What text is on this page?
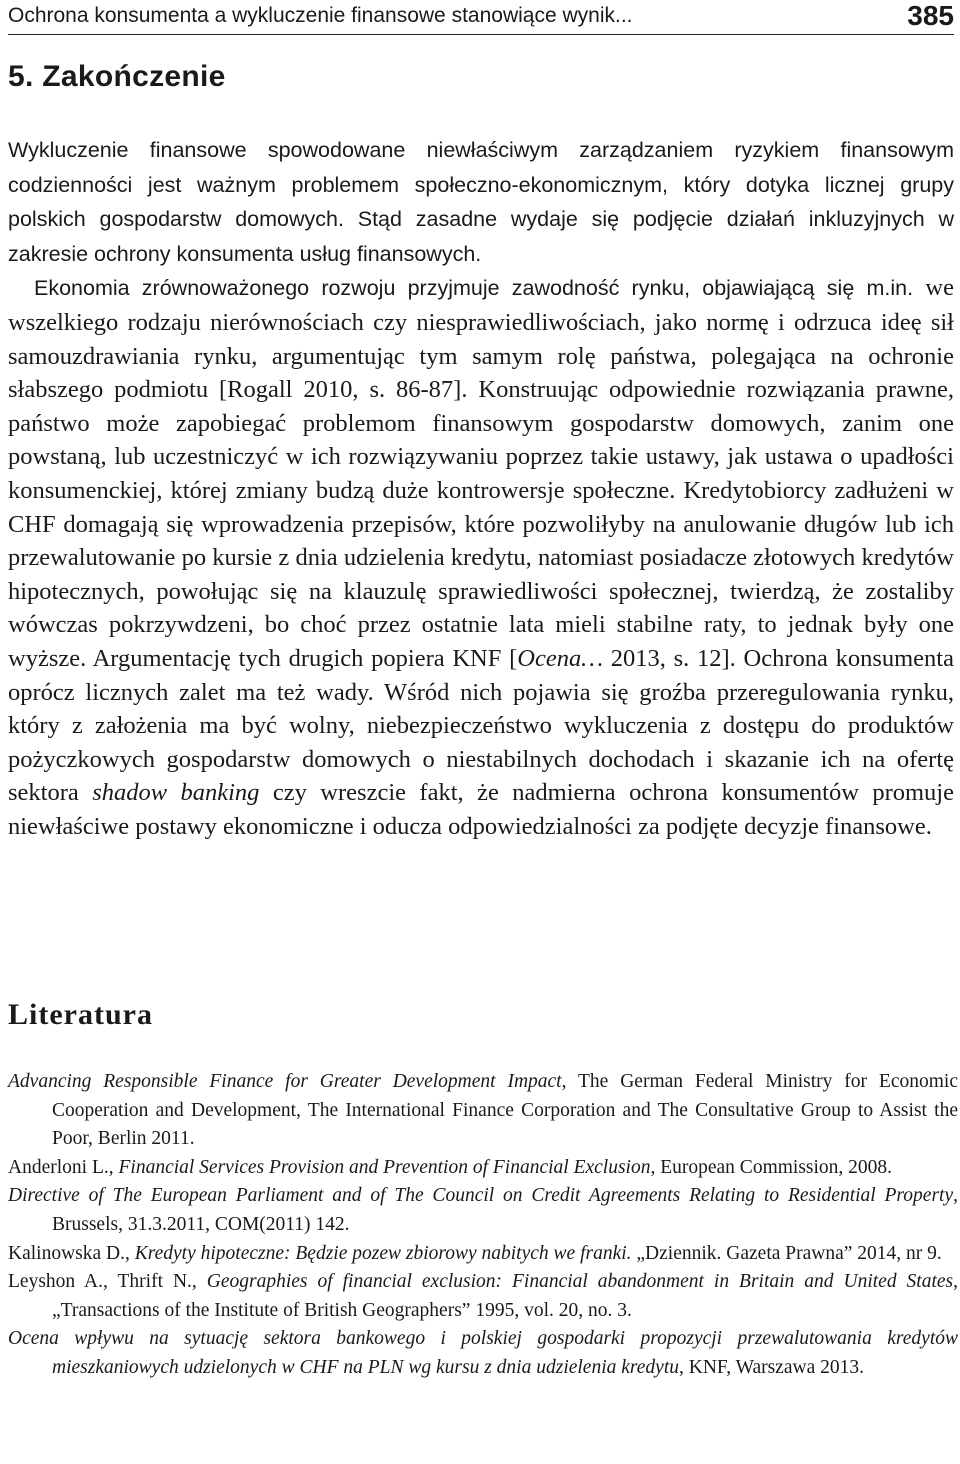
Ochrona konsumenta a wykluczenie finansowe stanowiące wynik...	385
5. Zakończenie

Wykluczenie finansowe spowodowane niewłaściwym zarządzaniem ryzykiem finansowym codzienności jest ważnym problemem społeczno-ekonomicznym, który dotyka licznej grupy polskich gospodarstw domowych. Stąd zasadne wydaje się podjęcie działań inkluzyjnych w zakresie ochrony konsumenta usług finansowych.

Ekonomia zrównoważonego rozwoju przyjmuje zawodność rynku, objawiającą się m.in. we wszelkiego rodzaju nierównościach czy niesprawiedliwościach, jako normę i odrzuca ideę sił samouzdrawiania rynku, argumentując tym samym rolę państwa, polegająca na ochronie słabszego podmiotu [Rogall 2010, s. 86-87]. Konstruując odpowiednie rozwiązania prawne, państwo może zapobiegać problemom finansowym gospodarstw domowych, zanim one powstaną, lub uczestniczyć w ich rozwiązywaniu poprzez takie ustawy, jak ustawa o upadłości konsumenckiej, której zmiany budzą duże kontrowersje społeczne. Kredytobiorcy zadłużeni w CHF domagają się wprowadzenia przepisów, które pozwoliłyby na anulowanie długów lub ich przewalutowanie po kursie z dnia udzielenia kredytu, natomiast posiadacze złotowych kredytów hipotecznych, powołując się na klauzulę sprawiedliwości społecznej, twierdzą, że zostaliby wówczas pokrzywdzeni, bo choć przez ostatnie lata mieli stabilne raty, to jednak były one wyższe. Argumentację tych drugich popiera KNF [Ocena… 2013, s. 12]. Ochrona konsumenta oprócz licznych zalet ma też wady. Wśród nich pojawia się groźba przeregulowania rynku, który z założenia ma być wolny, niebezpieczeństwo wykluczenia z dostępu do produktów pożyczkowych gospodarstw domowych o niestabilnych dochodach i skazanie ich na ofertę sektora shadow banking czy wreszcie fakt, że nadmierna ochrona konsumentów promuje niewłaściwe postawy ekonomiczne i oducza odpowiedzialności za podjęte decyzje finansowe.

Literatura

Advancing Responsible Finance for Greater Development Impact, The German Federal Ministry for Economic Cooperation and Development, The International Finance Corporation and The Consultative Group to Assist the Poor, Berlin 2011.

Anderloni L., Financial Services Provision and Prevention of Financial Exclusion, European Commission, 2008.

Directive of The European Parliament and of The Council on Credit Agreements Relating to Residential Property, Brussels, 31.3.2011, COM(2011) 142.

Kalinowska D., Kredyty hipoteczne: Będzie pozew zbiorowy nabitych we franki. „Dziennik. Gazeta Prawna” 2014, nr 9.

Leyshon A., Thrift N., Geographies of financial exclusion: Financial abandonment in Britain and United States, „Transactions of the Institute of British Geographers” 1995, vol. 20, no. 3.

Ocena wpływu na sytuację sektora bankowego i polskiej gospodarki propozycji przewalutowania kredytów mieszkaniowych udzielonych w CHF na PLN wg kursu z dnia udzielenia kredytu, KNF, Warszawa 2013.
